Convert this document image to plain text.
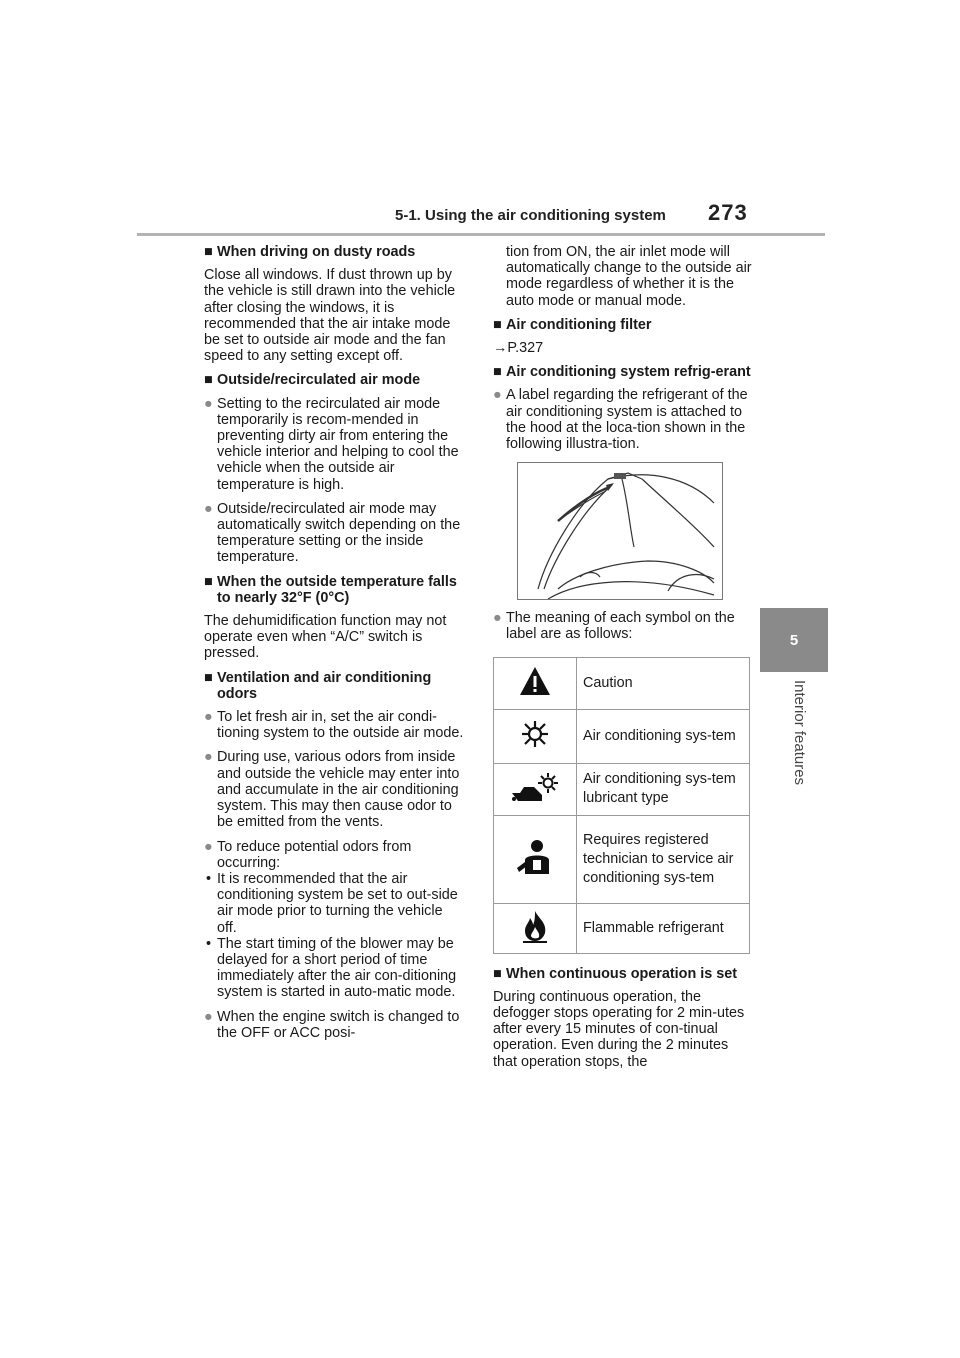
5-1. Using the air conditioning system 273
5
Interior features
■ When driving on dusty roads

Close all windows. If dust thrown up by the vehicle is still drawn into the vehicle after closing the windows, it is recommended that the air intake mode be set to outside air mode and the fan speed to any setting except off.

■ Outside/recirculated air mode
● Setting to the recirculated air mode temporarily is recom-mended in preventing dirty air from entering the vehicle interior and helping to cool the vehicle when the outside air temperature is high.
● Outside/recirculated air mode may automatically switch depending on the temperature setting or the inside temperature.
■ When the outside temperature falls to nearly 32°F (0°C)

The dehumidification function may not operate even when “A/C” switch is pressed.

■ Ventilation and air conditioning odors
● To let fresh air in, set the air condi-tioning system to the outside air mode.
● During use, various odors from inside and outside the vehicle may enter into and accumulate in the air conditioning system. This may then cause odor to be emitted from the vents.
● To reduce potential odors from occurring:
• It is recommended that the air conditioning system be set to out-side air mode prior to turning the vehicle off.
• The start timing of the blower may be delayed for a short period of time immediately after the air con-ditioning system is started in auto-matic mode.
● When the engine switch is changed to the OFF or ACC posi-

tion from ON, the air inlet mode will automatically change to the outside air mode regardless of whether it is the auto mode or manual mode.

■ Air conditioning filter

→P.327

■ Air conditioning system refrig-erant
● A label regarding the refrigerant of the air conditioning system is attached to the hood at the loca-tion shown in the following illustra-tion.
● The meaning of each symbol on the label are as follows:
	Caution
	Air conditioning sys-tem
	Air conditioning sys-tem lubricant type
	Requires registered technician to service air conditioning sys-tem
	Flammable refrigerant
■ When continuous operation is set

During continuous operation, the defogger stops operating for 2 min-utes after every 15 minutes of con-tinual operation. Even during the 2 minutes that operation stops, the
